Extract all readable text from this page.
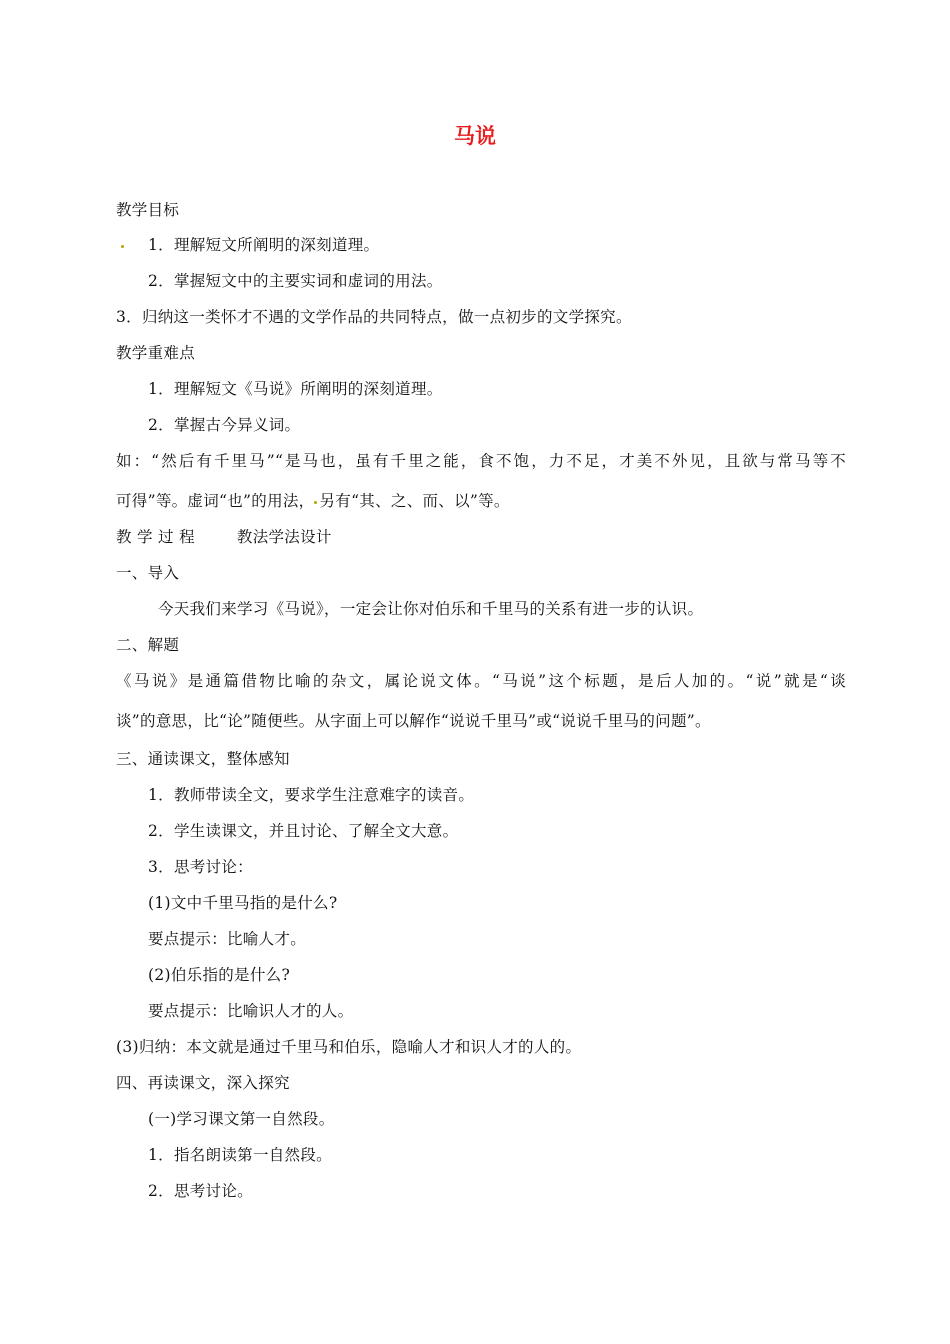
马说
教学目标
1．理解短文所阐明的深刻道理。
2．掌握短文中的主要实词和虚词的用法。
3．归纳这一类怀才不遇的文学作品的共同特点，做一点初步的文学探究。
教学重难点
1．理解短文《马说》所阐明的深刻道理。
2．掌握古今异义词。
如：“然后有千里马”“是马也，虽有千里之能，食不饱，力不足，才美不外见，且欲与常马等不
可得”等。虚词“也”的用法， 另有“其、之、而、以”等。
教 学 过 程	教法学法设计
一、导入
今天我们来学习《马说》，一定会让你对伯乐和千里马的关系有进一步的认识。
二、解题
《马说》是通篇借物比喻的杂文，属论说文体。“马说”这个标题，是后人加的。“说”就是“谈
谈”的意思，比“论”随便些。从字面上可以解作“说说千里马”或“说说千里马的问题”。
三、通读课文，整体感知
1．教师带读全文，要求学生注意难字的读音。
2．学生读课文，并且讨论、了解全文大意。
3．思考讨论：
(1)文中千里马指的是什么?
要点提示：比喻人才。
(2)伯乐指的是什么?
要点提示：比喻识人才的人。
(3)归纳：本文就是通过千里马和伯乐，隐喻人才和识人才的人的。
四、再读课文，深入探究
(一)学习课文第一自然段。
1．指名朗读第一自然段。
2．思考讨论。
